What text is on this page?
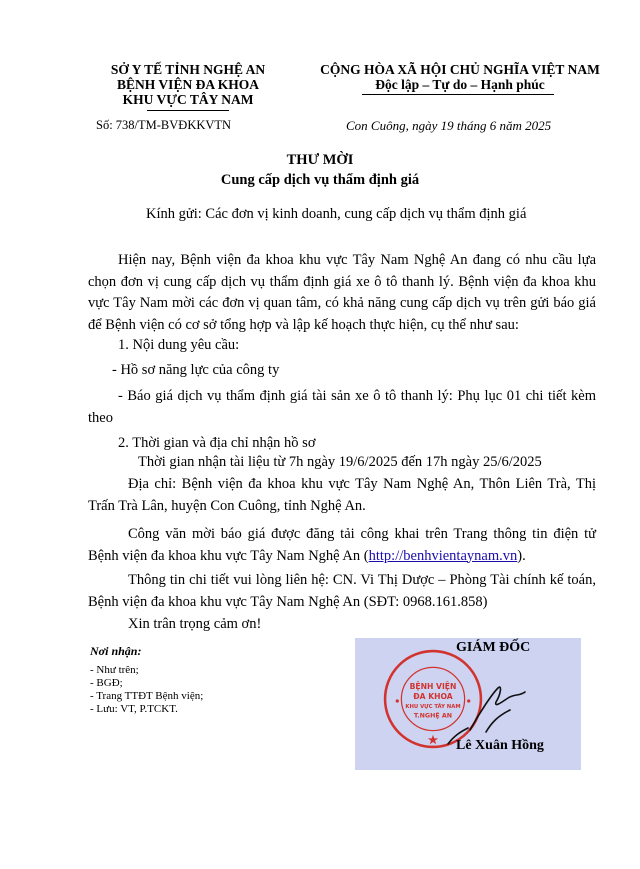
SỞ Y TẾ TỈNH NGHỆ AN
BỆNH VIỆN ĐA KHOA
KHU VỰC TÂY NAM
CỘNG HÒA XÃ HỘI CHỦ NGHĨA VIỆT NAM
Độc lập – Tự do – Hạnh phúc
Số: 738/TM-BVĐKKVTN	Con Cuông, ngày 19 tháng 6 năm 2025
THƯ MỜI
Cung cấp dịch vụ thẩm định giá
Kính gửi: Các đơn vị kinh doanh, cung cấp dịch vụ thẩm định giá
Hiện nay, Bệnh viện đa khoa khu vực Tây Nam Nghệ An đang có nhu cầu lựa chọn đơn vị cung cấp dịch vụ thẩm định giá xe ô tô thanh lý. Bệnh viện đa khoa khu vực Tây Nam mời các đơn vị quan tâm, có khả năng cung cấp dịch vụ trên gửi báo giá để Bệnh viện có cơ sở tổng hợp và lập kế hoạch thực hiện, cụ thể như sau:
1. Nội dung yêu cầu:
- Hồ sơ năng lực của công ty
- Báo giá dịch vụ thẩm định giá tài sản xe ô tô thanh lý: Phụ lục 01 chi tiết kèm theo
2. Thời gian và địa chỉ nhận hồ sơ
Thời gian nhận tài liệu từ 7h ngày 19/6/2025 đến 17h ngày 25/6/2025
Địa chỉ: Bệnh viện đa khoa khu vực Tây Nam Nghệ An, Thôn Liên Trà, Thị Trấn Trà Lân, huyện Con Cuông, tỉnh Nghệ An.
Công văn mời báo giá được đăng tải công khai trên Trang thông tin điện tử Bệnh viện đa khoa khu vực Tây Nam Nghệ An (http://benhvientaynam.vn).
Thông tin chi tiết vui lòng liên hệ: CN. Vi Thị Dược – Phòng Tài chính kế toán, Bệnh viện đa khoa khu vực Tây Nam Nghệ An (SĐT: 0968.161.858)
Xin trân trọng cảm ơn!
Nơi nhận:
- Như trên;
- BGĐ;
- Trang TTĐT Bệnh viện;
- Lưu: VT, P.TCKT.
BỆNH VIỆN
ĐA KHOA
KHU VỰC TÂY NAM
T.NGHỆ AN
GIÁM ĐỐC
Lê Xuân Hồng
